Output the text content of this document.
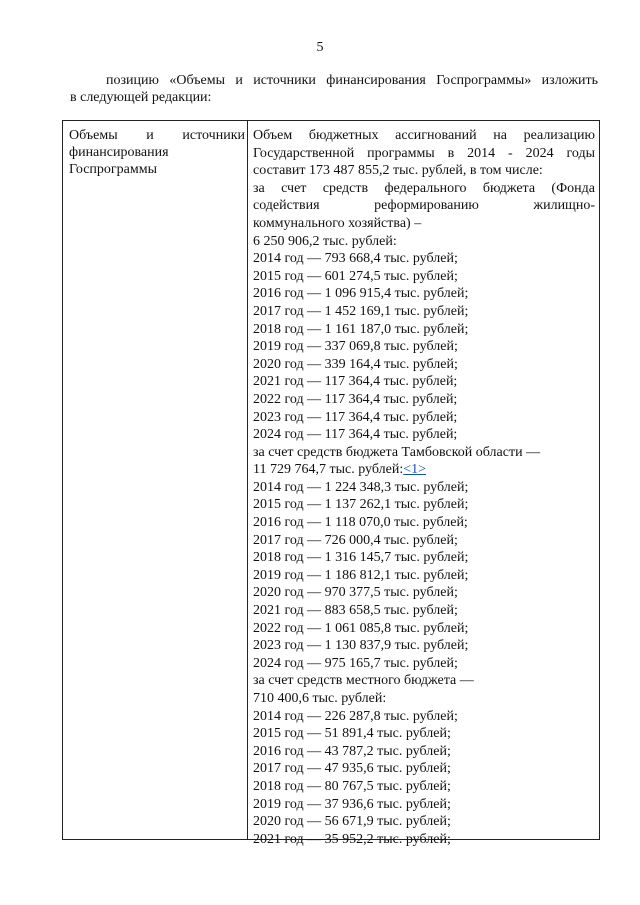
5
позицию «Объемы и источники финансирования Госпрограммы» изложить
в следующей редакции:
Объемы и источники
финансирования
Госпрограммы
Объем бюджетных ассигнований на реализацию
Государственной программы в 2014 - 2024 годы
составит 173 487 855,2 тыс. рублей, в том числе:
за счет средств федерального бюджета (Фонда
содействия реформированию жилищно-
коммунального хозяйства) –
6 250 906,2 тыс. рублей:
2014 год — 793 668,4 тыс. рублей;
2015 год — 601 274,5 тыс. рублей;
2016 год — 1 096 915,4 тыс. рублей;
2017 год — 1 452 169,1 тыс. рублей;
2018 год — 1 161 187,0 тыс. рублей;
2019 год — 337 069,8 тыс. рублей;
2020 год — 339 164,4 тыс. рублей;
2021 год — 117 364,4 тыс. рублей;
2022 год — 117 364,4 тыс. рублей;
2023 год — 117 364,4 тыс. рублей;
2024 год — 117 364,4 тыс. рублей;
за счет средств бюджета Тамбовской области —
11 729 764,7 тыс. рублей:<1>
2014 год — 1 224 348,3 тыс. рублей;
2015 год — 1 137 262,1 тыс. рублей;
2016 год — 1 118 070,0 тыс. рублей;
2017 год — 726 000,4 тыс. рублей;
2018 год — 1 316 145,7 тыс. рублей;
2019 год — 1 186 812,1 тыс. рублей;
2020 год — 970 377,5 тыс. рублей;
2021 год — 883 658,5 тыс. рублей;
2022 год — 1 061 085,8 тыс. рублей;
2023 год — 1 130 837,9 тыс. рублей;
2024 год — 975 165,7 тыс. рублей;
за счет средств местного бюджета —
710 400,6 тыс. рублей:
2014 год — 226 287,8 тыс. рублей;
2015 год — 51 891,4 тыс. рублей;
2016 год — 43 787,2 тыс. рублей;
2017 год — 47 935,6 тыс. рублей;
2018 год — 80 767,5 тыс. рублей;
2019 год — 37 936,6 тыс. рублей;
2020 год — 56 671,9 тыс. рублей;
2021 год — 35 952,2 тыс. рублей;
